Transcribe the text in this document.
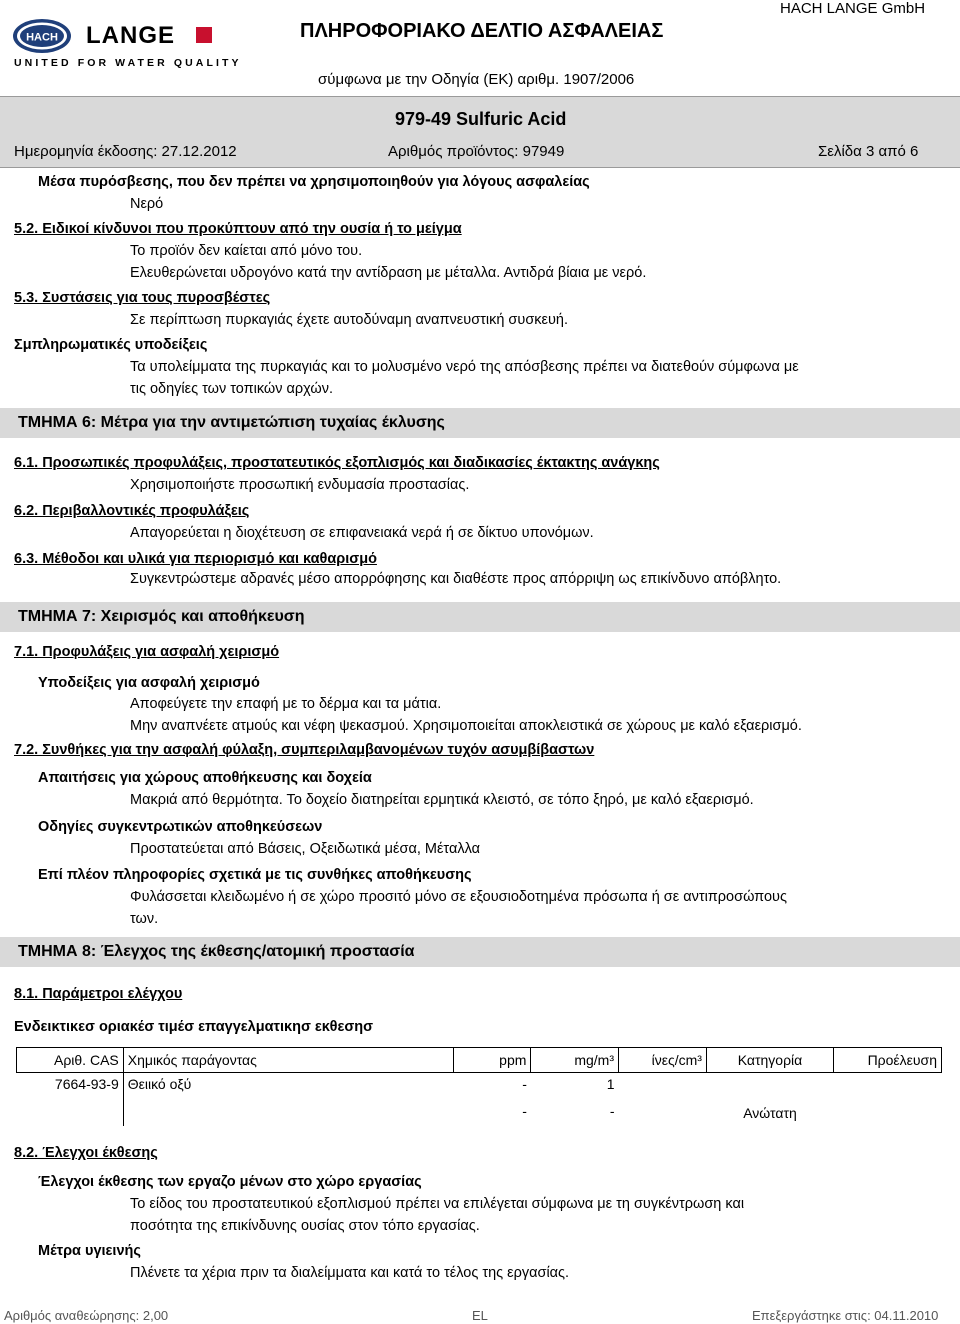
HACH LANGE
UNITED FOR WATER QUALITY
ΠΛΗΡΟΦΟΡΙΑΚΟ ΔΕΛΤΙΟ ΑΣΦΑΛΕΙΑΣ
HACH LANGE GmbH
σύμφωνα με την Οδηγία (ΕΚ) αριθμ. 1907/2006
979-49 Sulfuric Acid
Ημερομηνία έκδοσης: 27.12.2012	Αριθμός προϊόντος: 97949	Σελίδα 3 από 6
Μέσα πυρόσβεσης, που δεν πρέπει να χρησιμοποιηθούν για λόγους ασφαλείας
Νερό
5.2. Ειδικοί κίνδυνοι που προκύπτουν από την ουσία ή το μείγμα
Το προϊόν δεν καίεται από μόνο του.
Ελευθερώνεται υδρογόνο κατά την αντίδραση με μέταλλα. Αντιδρά βίαια με νερό.
5.3. Συστάσεις για τους πυροσβέστες
Σε περίπτωση πυρκαγιάς έχετε αυτοδύναμη αναπνευστική συσκευή.
Σμπληρωματικές υποδείξεις
Τα υπολείμματα της πυρκαγιάς και το μολυσμένο νερό της απόσβεσης πρέπει να διατεθούν σύμφωνα με
τις οδηγίες των τοπικών αρχών.
ΤΜΗΜΑ 6: Μέτρα για την αντιμετώπιση τυχαίας έκλυσης
6.1. Προσωπικές προφυλάξεις, προστατευτικός εξοπλισμός και διαδικασίες έκτακτης ανάγκης
Χρησιμοποιήστε προσωπική ενδυμασία προστασίας.
6.2. Περιβαλλοντικές προφυλάξεις
Απαγορεύεται η διοχέτευση σε επιφανειακά νερά ή σε δίκτυο υπονόμων.
6.3. Μέθοδοι και υλικά για περιορισμό και καθαρισμό
Συγκεντρώστεμε αδρανές μέσο απορρόφησης και διαθέστε προς απόρριψη ως επικίνδυνο απόβλητο.
ΤΜΗΜΑ 7: Χειρισμός και αποθήκευση
7.1. Προφυλάξεις για ασφαλή χειρισμό
Υποδείξεις για ασφαλή χειρισμό
Αποφεύγετε την επαφή με το δέρμα και τα μάτια.
Μην αναπνέετε ατμούς και νέφη ψεκασμού. Χρησιμοποιείται αποκλειστικά σε χώρους με καλό εξαερισμό.
7.2. Συνθήκες για την ασφαλή φύλαξη, συμπεριλαμβανομένων τυχόν ασυμβίβαστων
Απαιτήσεις για χώρους αποθήκευσης και δοχεία
Μακριά από θερμότητα. Το δοχείο διατηρείται ερμητικά κλειστό, σε τόπο ξηρό, με καλό εξαερισμό.
Οδηγίες συγκεντρωτικών αποθηκεύσεων
Προστατεύεται από Βάσεις, Οξειδωτικά μέσα, Μέταλλα
Επί πλέον πληροφορίες σχετικά με τις συνθήκες αποθήκευσης
Φυλάσσεται κλειδωμένο ή σε χώρο προσιτό μόνο σε εξουσιοδοτημένα πρόσωπα ή σε αντιπροσώπους
των.
ΤΜΗΜΑ 8: Έλεγχος της έκθεσης/ατομική προστασία
8.1. Παράμετροι ελέγχου
Ενδεικτικεσ οριακέσ τιμέσ επαγγελματικησ εκθεσησ
Αριθ. CAS	Χημικός παράγοντας	ppm	mg/m³	ίνες/cm³	Κατηγορία	Προέλευση
7664-93-9	Θειικό οξύ	-	1			
		-	-		Ανώτατη	
8.2. Έλεγχοι έκθεσης
Έλεγχοι έκθεσης των εργαζο μένων στο χώρο εργασίας
Το είδος του προστατευτικού εξοπλισμού πρέπει να επιλέγεται σύμφωνα με τη συγκέντρωση και
ποσότητα της επικίνδυνης ουσίας στον τόπο εργασίας.
Μέτρα υγιεινής
Πλένετε τα χέρια πριν τα διαλείμματα και κατά το τέλος της εργασίας.
Αριθμός αναθεώρησης: 2,00	EL	Επεξεργάστηκε στις: 04.11.2010
